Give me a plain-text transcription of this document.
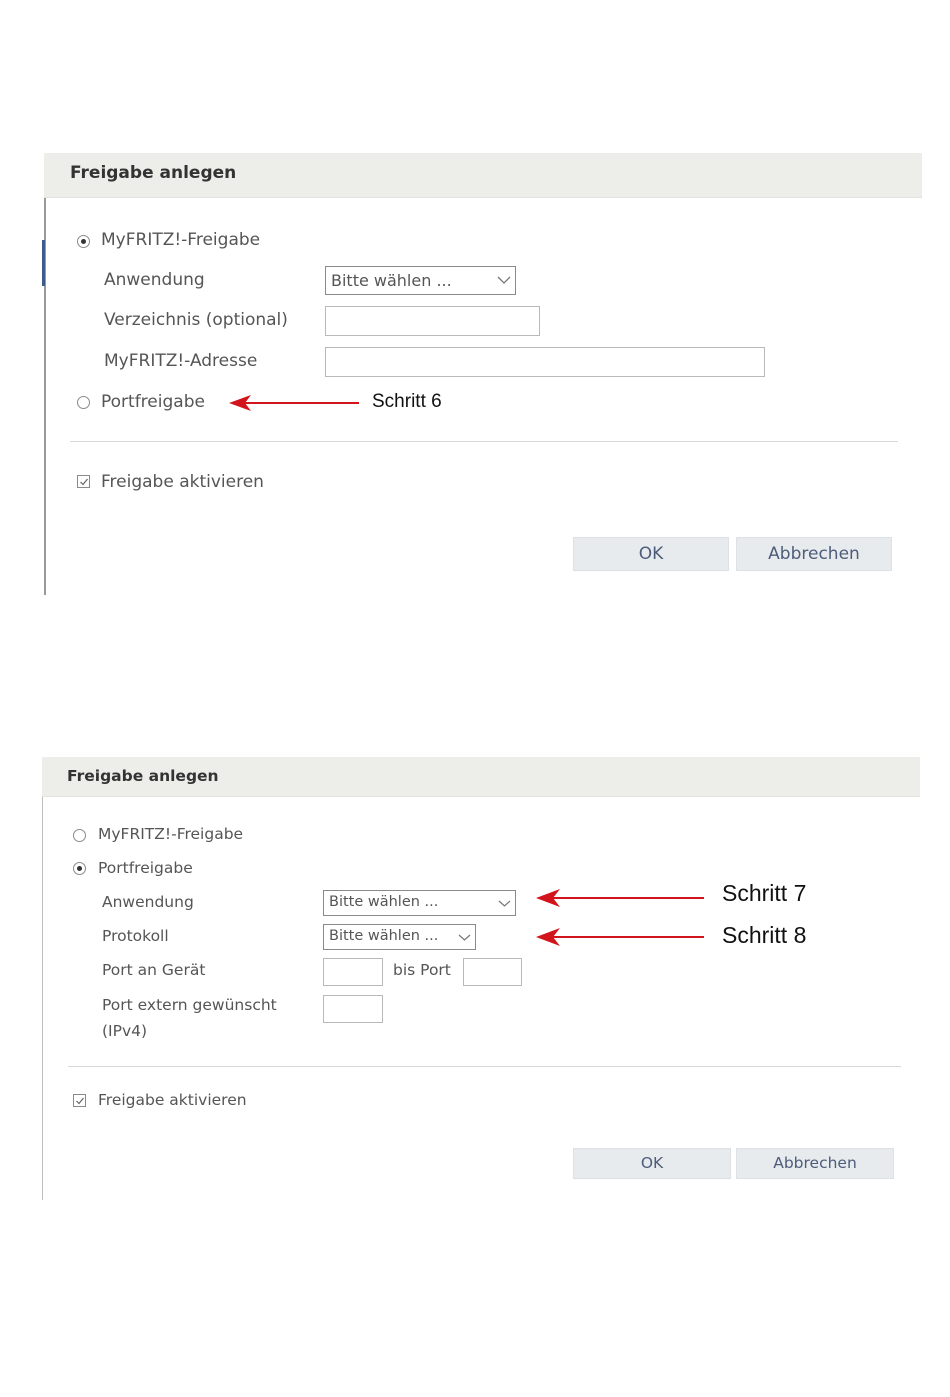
Freigabe anlegen
MyFRITZ!-Freigabe
Anwendung	Bitte wählen ...
Verzeichnis (optional)
MyFRITZ!-Adresse
Portfreigabe	Schritt 6
Freigabe aktivieren
OK	Abbrechen
Freigabe anlegen
MyFRITZ!-Freigabe
Portfreigabe
Anwendung	Bitte wählen ...	Schritt 7
Protokoll	Bitte wählen ...	Schritt 8
Port an Gerät	bis Port
Port extern gewünscht
(IPv4)
Freigabe aktivieren
OK	Abbrechen
